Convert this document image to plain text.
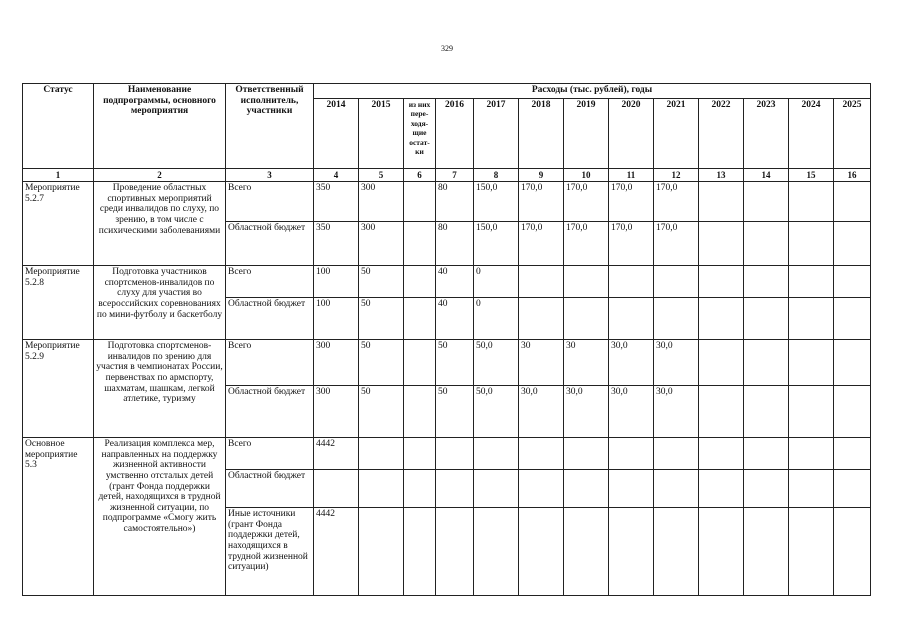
329
Статус	Наименование подпрограммы, основного мероприятия	Ответственный исполнитель, участники	Расходы (тыс. рублей), годы												
			2014	2015	из них пере-ходя-щие остат-ки	2016	2017	2018	2019	2020	2021	2022	2023	2024	2025
1	2	3	4	5	6	7	8	9	10	11	12	13	14	15	16
Мероприятие 5.2.7	Проведение областных спортивных мероприятий среди инвалидов по слуху, по зрению, в том числе с психическими заболеваниями	Всего	350	300		80	150,0	170,0	170,0	170,0	170,0				
		Областной бюджет	350	300		80	150,0	170,0	170,0	170,0	170,0				
Мероприятие 5.2.8	Подготовка участников спортсменов-инвалидов по слуху для участия во всероссийских соревнованиях по мини-футболу и баскетболу	Всего	100	50		40	0								
		Областной бюджет	100	50		40	0								
Мероприятие 5.2.9	Подготовка спортсменов-инвалидов по зрению для участия в чемпионатах России, первенствах по армспорту, шахматам, шашкам, легкой атлетике, туризму	Всего	300	50		50	50,0	30	30	30,0	30,0				
		Областной бюджет	300	50		50	50,0	30,0	30,0	30,0	30,0				
Основное мероприятие 5.3	Реализация комплекса мер, направленных на поддержку жизненной активности умственно отсталых детей (грант Фонда поддержки детей, находящихся в трудной жизненной ситуации, по подпрограмме «Смогу жить самостоятельно»)	Всего	4442												
		Областной бюджет													
		Иные источники (грант Фонда поддержки детей, находящихся в трудной жизненной ситуации)	4442												
